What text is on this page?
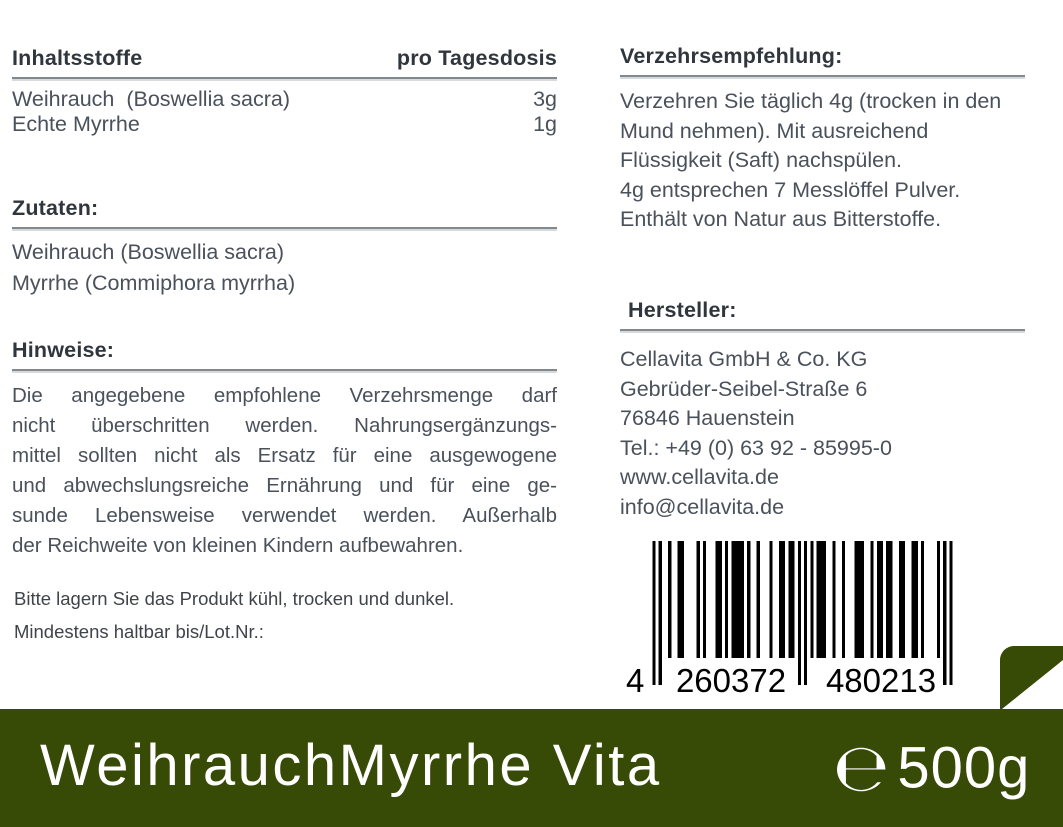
Inhaltsstoffe	pro Tagesdosis
Weihrauch  (Boswellia sacra)	3g
Echte Myrrhe	1g
Zutaten:
Weihrauch (Boswellia sacra)
Myrrhe (Commiphora myrrha)
Hinweise:
Die angegebene empfohlene Verzehrsmenge darf
nicht überschritten werden. Nahrungsergänzungs-
mittel sollten nicht als Ersatz für eine ausgewogene
und abwechslungsreiche Ernährung und für eine ge-
sunde Lebensweise verwendet werden. Außerhalb
der Reichweite von kleinen Kindern aufbewahren.
Bitte lagern Sie das Produkt kühl, trocken und dunkel.
Mindestens haltbar bis/Lot.Nr.:
Verzehrsempfehlung:
Verzehren Sie täglich 4g (trocken in den
Mund nehmen). Mit ausreichend
Flüssigkeit (Saft) nachspülen.
4g entsprechen 7 Messlöffel Pulver.
Enthält von Natur aus Bitterstoffe.
Hersteller:
Cellavita GmbH & Co. KG
Gebrüder-Seibel-Straße 6
76846 Hauenstein
Tel.: +49 (0) 63 92 - 85995-0
www.cellavita.de
info@cellavita.de
4 260372 480213
WeihrauchMyrrhe Vita	℮ 500g
